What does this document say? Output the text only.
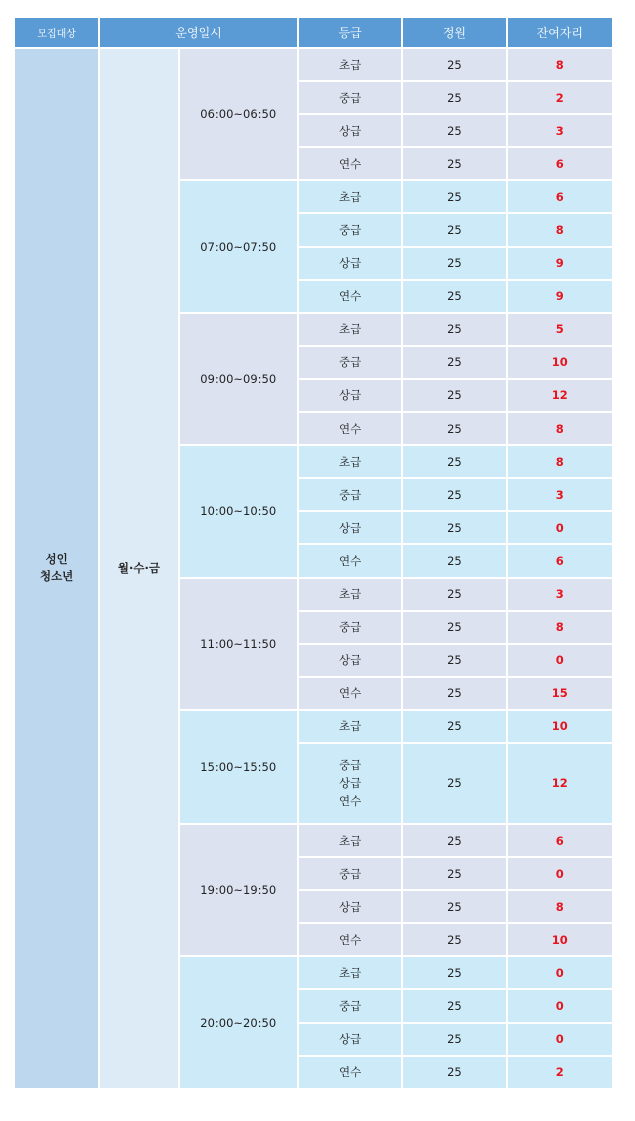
모집대상	운영일시		등급	정원	잔여자리

성인
청소년	월·수·금	06:00~06:50	초급	25	8
			중급	25	2
			상급	25	3
			연수	25	6
		07:00~07:50	초급	25	6
			중급	25	8
			상급	25	9
			연수	25	9
		09:00~09:50	초급	25	5
			중급	25	10
			상급	25	12
			연수	25	8
		10:00~10:50	초급	25	8
			중급	25	3
			상급	25	0
			연수	25	6
		11:00~11:50	초급	25	3
			중급	25	8
			상급	25	0
			연수	25	15
		15:00~15:50	초급	25	10

			중급
상급
연수	25	12
		19:00~19:50	초급	25	6
			중급	25	0
			상급	25	8
			연수	25	10
		20:00~20:50	초급	25	0
			중급	25	0
			상급	25	0
			연수	25	2
